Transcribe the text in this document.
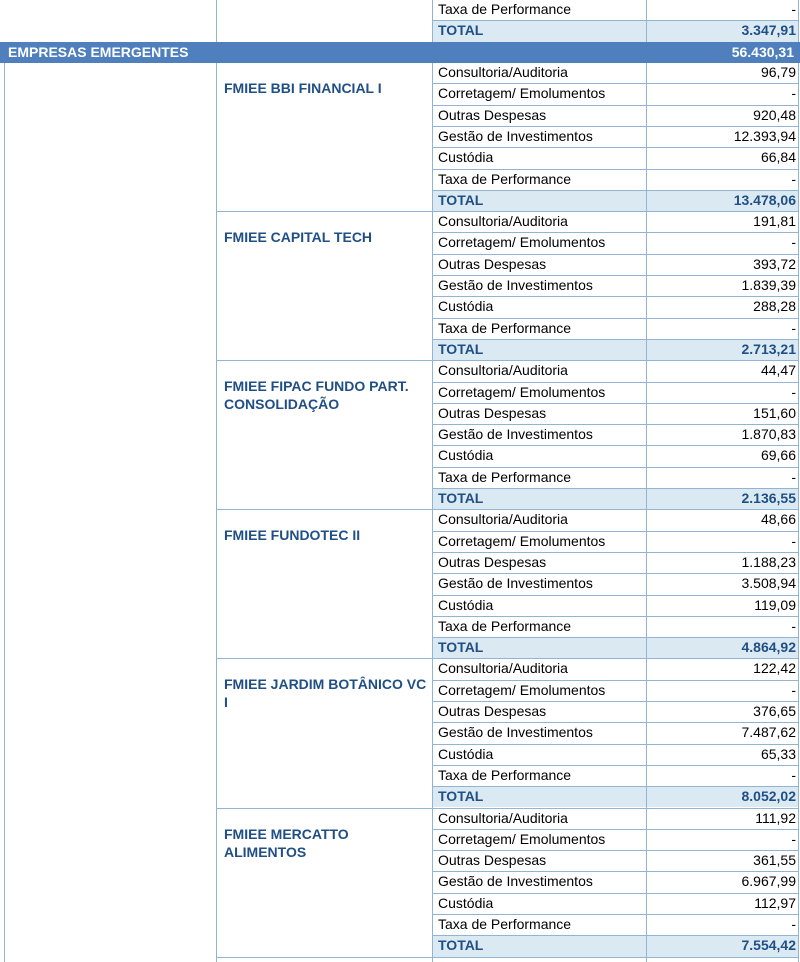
Taxa de Performance	-
TOTAL	3.347,91
FMIEE BBI FINANCIAL I
Consultoria/Auditoria	96,79
Corretagem/ Emolumentos	-
Outras Despesas	920,48
Gestão de Investimentos	12.393,94
Custódia	66,84
Taxa de Performance	-
TOTAL	13.478,06
FMIEE CAPITAL TECH
Consultoria/Auditoria	191,81
Corretagem/ Emolumentos	-
Outras Despesas	393,72
Gestão de Investimentos	1.839,39
Custódia	288,28
Taxa de Performance	-
TOTAL	2.713,21
FMIEE FIPAC FUNDO PART. CONSOLIDAÇÃO
Consultoria/Auditoria	44,47
Corretagem/ Emolumentos	-
Outras Despesas	151,60
Gestão de Investimentos	1.870,83
Custódia	69,66
Taxa de Performance	-
TOTAL	2.136,55
FMIEE FUNDOTEC II
Consultoria/Auditoria	48,66
Corretagem/ Emolumentos	-
Outras Despesas	1.188,23
Gestão de Investimentos	3.508,94
Custódia	119,09
Taxa de Performance	-
TOTAL	4.864,92
FMIEE JARDIM BOTÂNICO VC I
Consultoria/Auditoria	122,42
Corretagem/ Emolumentos	-
Outras Despesas	376,65
Gestão de Investimentos	7.487,62
Custódia	65,33
Taxa de Performance	-
TOTAL	8.052,02
FMIEE MERCATTO ALIMENTOS
Consultoria/Auditoria	111,92
Corretagem/ Emolumentos	-
Outras Despesas	361,55
Gestão de Investimentos	6.967,99
Custódia	112,97
Taxa de Performance	-
TOTAL	7.554,42
EMPRESAS EMERGENTES	56.430,31
